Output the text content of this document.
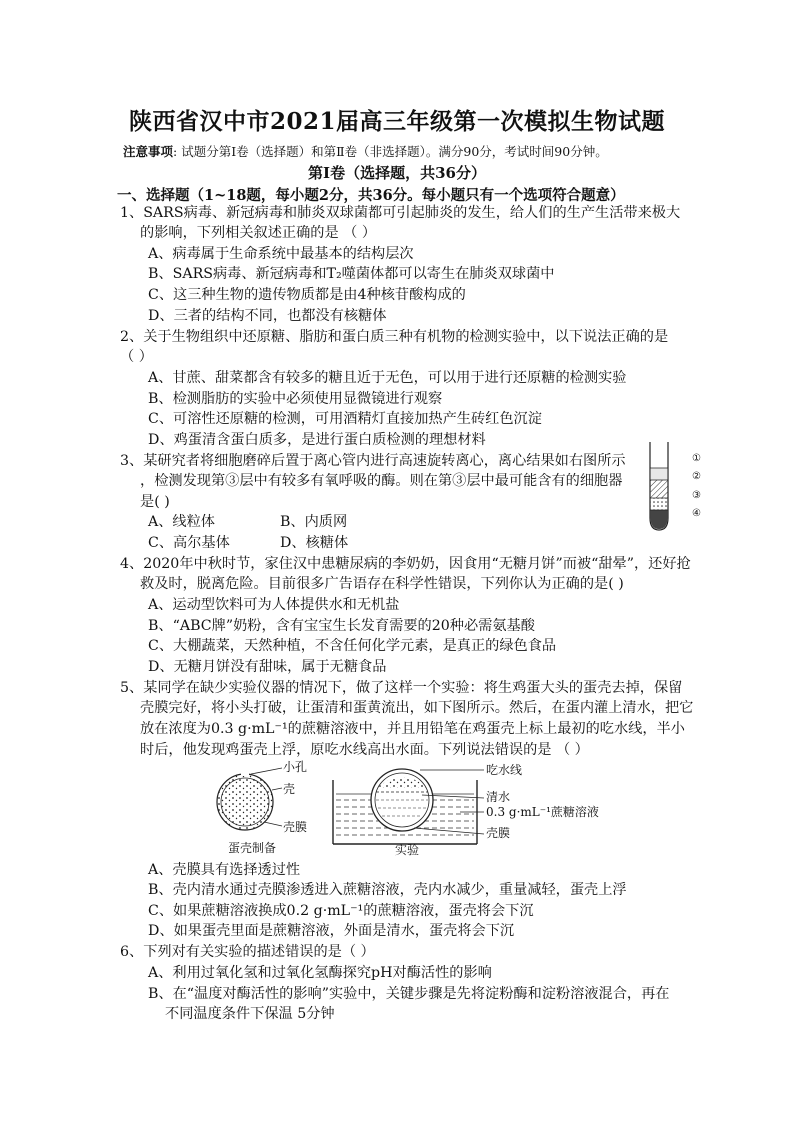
陕西省汉中市2021届高三年级第一次模拟生物试题
注意事项: 试题分第Ⅰ卷（选择题）和第Ⅱ卷（非选择题）。满分90分，考试时间90分钟。
第Ⅰ卷（选择题，共36分）
一、选择题（1~18题，每小题2分，共36分。每小题只有一个选项符合题意）
1、SARS病毒、新冠病毒和肺炎双球菌都可引起肺炎的发生，给人们的生产生活带来极大
的影响，下列相关叙述正确的是 （ ）
A、病毒属于生命系统中最基本的结构层次
B、SARS病毒、新冠病毒和T₂噬菌体都可以寄生在肺炎双球菌中
C、这三种生物的遗传物质都是由4种核苷酸构成的
D、三者的结构不同，也都没有核糖体
2、关于生物组织中还原糖、脂肪和蛋白质三种有机物的检测实验中，以下说法正确的是
（ ）
A、甘蔗、甜菜都含有较多的糖且近于无色，可以用于进行还原糖的检测实验
B、检测脂肪的实验中必须使用显微镜进行观察
C、可溶性还原糖的检测，可用酒精灯直接加热产生砖红色沉淀
D、鸡蛋清含蛋白质多，是进行蛋白质检测的理想材料
3、某研究者将细胞磨碎后置于离心管内进行高速旋转离心，离心结果如右图所示
，检测发现第③层中有较多有氧呼吸的酶。则在第③层中最可能含有的细胞器
是( )
A、线粒体	B、内质网
C、高尔基体	D、核糖体
①
②
③
④
4、2020年中秋时节，家住汉中患糖尿病的李奶奶，因食用“无糖月饼”而被“甜晕”，还好抢
救及时，脱离危险。目前很多广告语存在科学性错误，下列你认为正确的是( )
A、运动型饮料可为人体提供水和无机盐
B、“ABC牌”奶粉，含有宝宝生长发育需要的20种必需氨基酸
C、大棚蔬菜，天然种植，不含任何化学元素，是真正的绿色食品
D、无糖月饼没有甜味，属于无糖食品
5、某同学在缺少实验仪器的情况下，做了这样一个实验：将生鸡蛋大头的蛋壳去掉，保留
壳膜完好，将小头打破，让蛋清和蛋黄流出，如下图所示。然后，在蛋内灌上清水，把它
放在浓度为0.3 g·mL⁻¹的蔗糖溶液中，并且用铅笔在鸡蛋壳上标上最初的吃水线，半小
时后，他发现鸡蛋壳上浮，原吃水线高出水面。下列说法错误的是 （ ）
小孔
壳
壳膜
蛋壳制备
吃水线
清水
0.3 g·mL⁻¹蔗糖溶液
壳膜
实验
A、壳膜具有选择透过性
B、壳内清水通过壳膜渗透进入蔗糖溶液，壳内水减少，重量减轻，蛋壳上浮
C、如果蔗糖溶液换成0.2 g·mL⁻¹的蔗糖溶液，蛋壳将会下沉
D、如果蛋壳里面是蔗糖溶液，外面是清水，蛋壳将会下沉
6、下列对有关实验的描述错误的是（ ）
A、利用过氧化氢和过氧化氢酶探究pH对酶活性的影响
B、在“温度对酶活性的影响”实验中，关键步骤是先将淀粉酶和淀粉溶液混合，再在
不同温度条件下保温 5分钟
